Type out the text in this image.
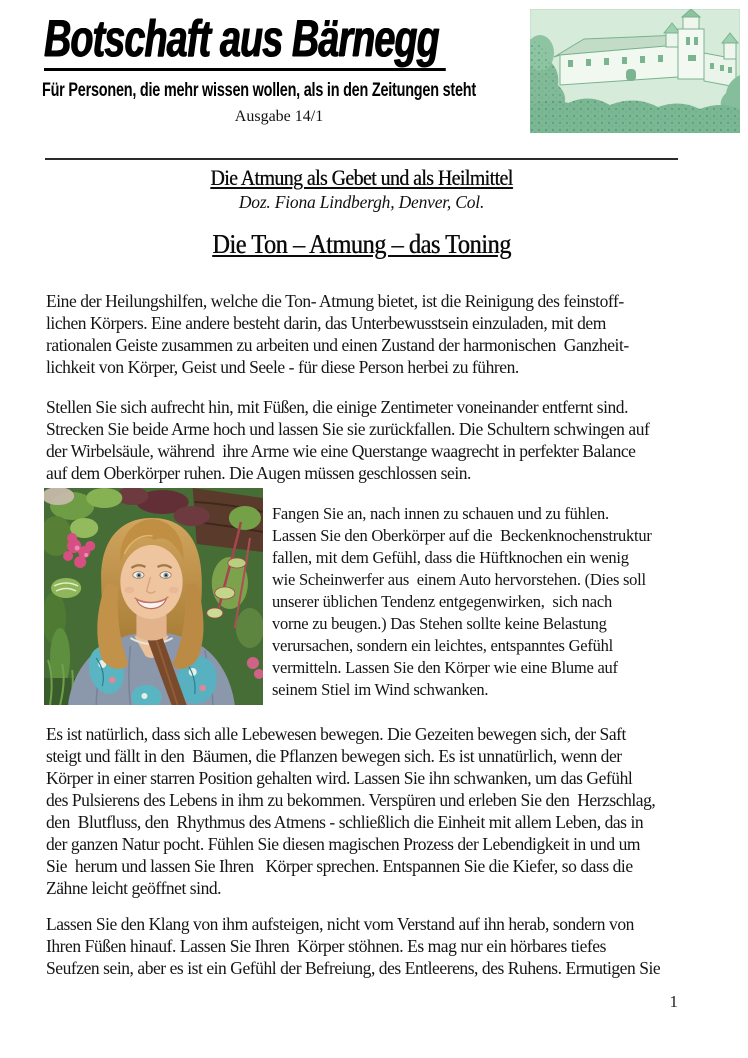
Botschaft aus Bärnegg
Für Personen, die mehr wissen wollen, als in den Zeitungen steht
Ausgabe 14/1
Die Atmung als Gebet und als Heilmittel
Doz. Fiona Lindbergh, Denver, Col.
Die Ton – Atmung – das Toning
Eine der Heilungshilfen, welche die Ton- Atmung bietet, ist die Reinigung des feinstoff-
lichen Körpers. Eine andere besteht darin, das Unterbewusstsein einzuladen, mit dem
rationalen Geiste zusammen zu arbeiten und einen Zustand der harmonischen  Ganzheit-
lichkeit von Körper, Geist und Seele - für diese Person herbei zu führen.
Stellen Sie sich aufrecht hin, mit Füßen, die einige Zentimeter voneinander entfernt sind.
Strecken Sie beide Arme hoch und lassen Sie sie zurückfallen. Die Schultern schwingen auf
der Wirbelsäule, während  ihre Arme wie eine Querstange waagrecht in perfekter Balance
auf dem Oberkörper ruhen. Die Augen müssen geschlossen sein.
Fangen Sie an, nach innen zu schauen und zu fühlen.
Lassen Sie den Oberkörper auf die  Beckenknochenstruktur
fallen, mit dem Gefühl, dass die Hüftknochen ein wenig
wie Scheinwerfer aus  einem Auto hervorstehen. (Dies soll
unserer üblichen Tendenz entgegenwirken,  sich nach
vorne zu beugen.) Das Stehen sollte keine Belastung
verursachen, sondern ein leichtes, entspanntes Gefühl
vermitteln. Lassen Sie den Körper wie eine Blume auf
seinem Stiel im Wind schwanken.
Es ist natürlich, dass sich alle Lebewesen bewegen. Die Gezeiten bewegen sich, der Saft
steigt und fällt in den  Bäumen, die Pflanzen bewegen sich. Es ist unnatürlich, wenn der
Körper in einer starren Position gehalten wird. Lassen Sie ihn schwanken, um das Gefühl
des Pulsierens des Lebens in ihm zu bekommen. Verspüren und erleben Sie den  Herzschlag,
den  Blutfluss, den  Rhythmus des Atmens - schließlich die Einheit mit allem Leben, das in
der ganzen Natur pocht. Fühlen Sie diesen magischen Prozess der Lebendigkeit in und um
Sie  herum und lassen Sie Ihren   Körper sprechen. Entspannen Sie die Kiefer, so dass die
Zähne leicht geöffnet sind.
Lassen Sie den Klang von ihm aufsteigen, nicht vom Verstand auf ihn herab, sondern von
Ihren Füßen hinauf. Lassen Sie Ihren  Körper stöhnen. Es mag nur ein hörbares tiefes
Seufzen sein, aber es ist ein Gefühl der Befreiung, des Entleerens, des Ruhens. Ermutigen Sie
1
